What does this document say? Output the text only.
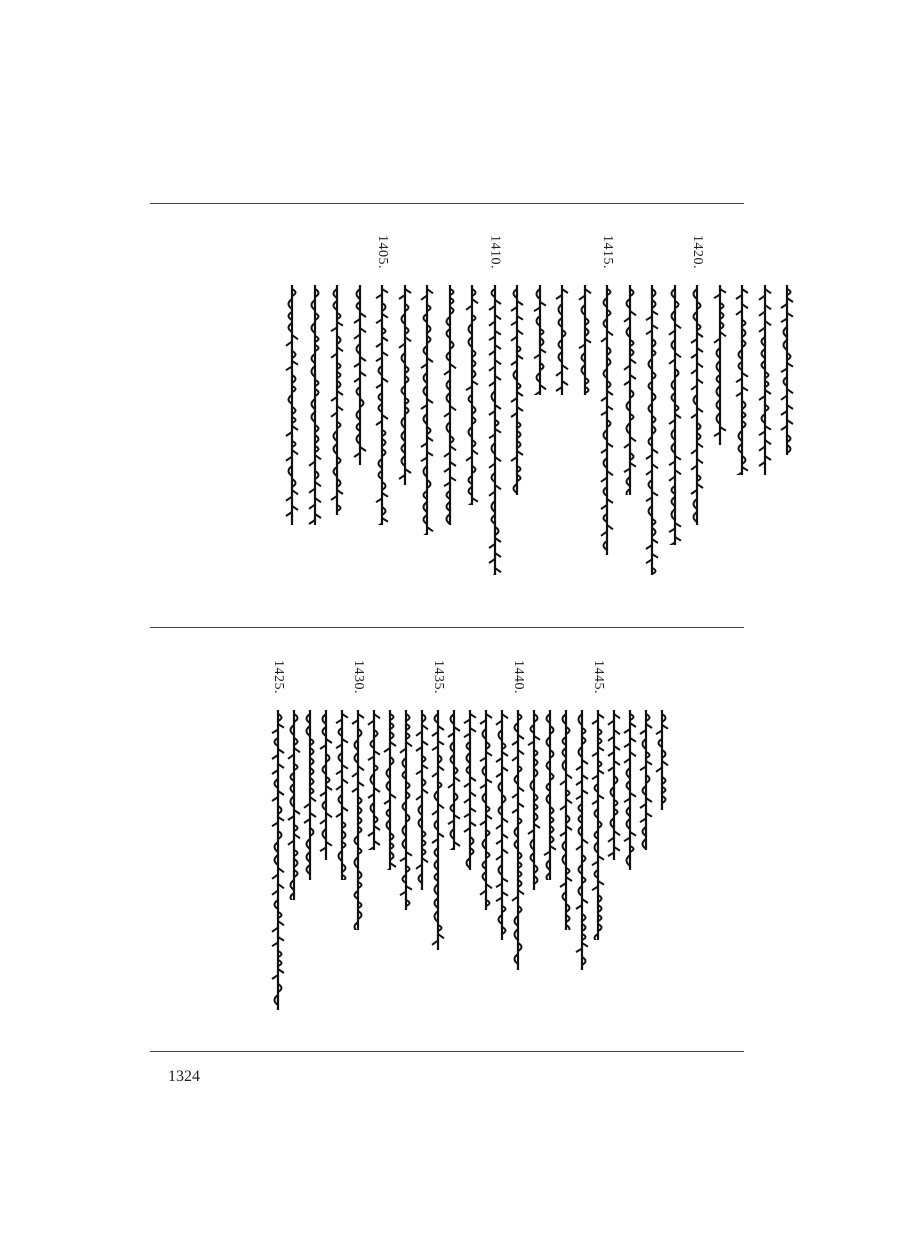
1420.
1415.
1410.
1405.
1445.
1440.
1435.
1430.
1425.
1324
